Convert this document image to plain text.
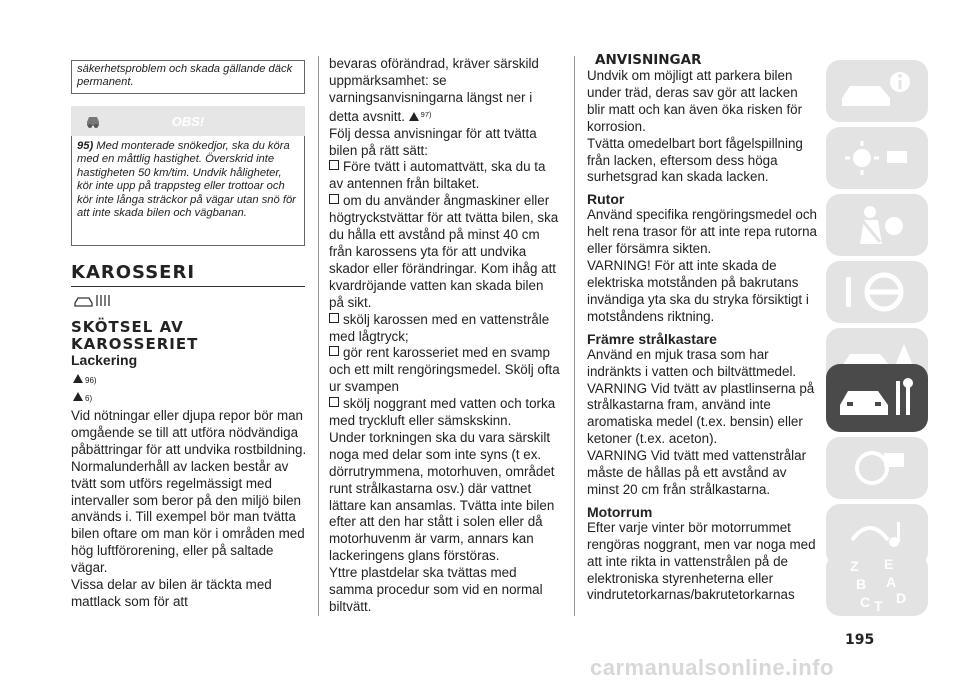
säkerhetsproblem och skada gällande däck permanent.

OBS!

95) Med monterade snökedjor, ska du köra med en måttlig hastighet. Överskrid inte hastigheten 50 km/tim. Undvik håligheter, kör inte upp på trappsteg eller trottoar och kör inte långa sträckor på vägar utan snö för att inte skada bilen och vägbanan.

KAROSSERI
SKÖTSEL AV
KAROSSERIET
Lackering
96)
6)

Vid nötningar eller djupa repor bör man omgående se till att utföra nödvändiga påbättringar för att undvika rostbildning.

Normalunderhåll av lacken består av tvätt som utförs regelmässigt med intervaller som beror på den miljö bilen används i. Till exempel bör man tvätta bilen oftare om man kör i områden med hög luftförorening, eller på saltade vägar.

Vissa delar av bilen är täckta med mattlack som för att

bevaras oförändrad, kräver särskild uppmärksamhet: se varningsanvisningarna längst ner i detta avsnitt. $^{97)}$

Följ dessa anvisningar för att tvätta bilen på rätt sätt:

Före tvätt i automattvätt, ska du ta av antennen från biltaket.

om du använder ångmaskiner eller högtryckstvättar för att tvätta bilen, ska du hålla ett avstånd på minst 40 cm från karossens yta för att undvika skador eller förändringar. Kom ihåg att kvardröjande vatten kan skada bilen på sikt.

skölj karossen med en vattenstråle med lågtryck;

gör rent karosseriet med en svamp och ett milt rengöringsmedel. Skölj ofta ur svampen

skölj noggrant med vatten och torka med tryckluft eller sämskskinn.

Under torkningen ska du vara särskilt noga med delar som inte syns (t ex. dörrutrymmena, motorhuven, området runt strålkastarna osv.) där vattnet lättare kan ansamlas. Tvätta inte bilen efter att den har stått i solen eller då motorhuvenm är varm, annars kan lackeringens glans förstöras.

Yttre plastdelar ska tvättas med samma procedur som vid en normal biltvätt.

ANVISNINGAR

Undvik om möjligt att parkera bilen under träd, deras sav gör att lacken blir matt och kan även öka risken för korrosion.

Tvätta omedelbart bort fågelspillning från lacken, eftersom dess höga surhetsgrad kan skada lacken.

Rutor

Använd specifika rengöringsmedel och helt rena trasor för att inte repa rutorna eller försämra sikten.

VARNING! För att inte skada de elektriska motstånden på bakrutans invändiga yta ska du stryka försiktigt i motståndens riktning.

Främre strålkastare

Använd en mjuk trasa som har indränkts i vatten och biltvättmedel.

VARNING Vid tvätt av plastlinserna på strålkastarna fram, använd inte aromatiska medel (t.ex. bensin) eller ketoner (t.ex. aceton).

VARNING Vid tvätt med vattenstrålar måste de hållas på ett avstånd av minst 20 cm från strålkastarna.

Motorrum

Efter varje vinter bör motorrummet rengöras noggrant, men var noga med att inte rikta in vattenstrålen på de elektroniska styrenheterna eller vindrutetorkarnas/bakrutetorkarnas

Z E
B A
C T D
195
carmanualsonline.info
